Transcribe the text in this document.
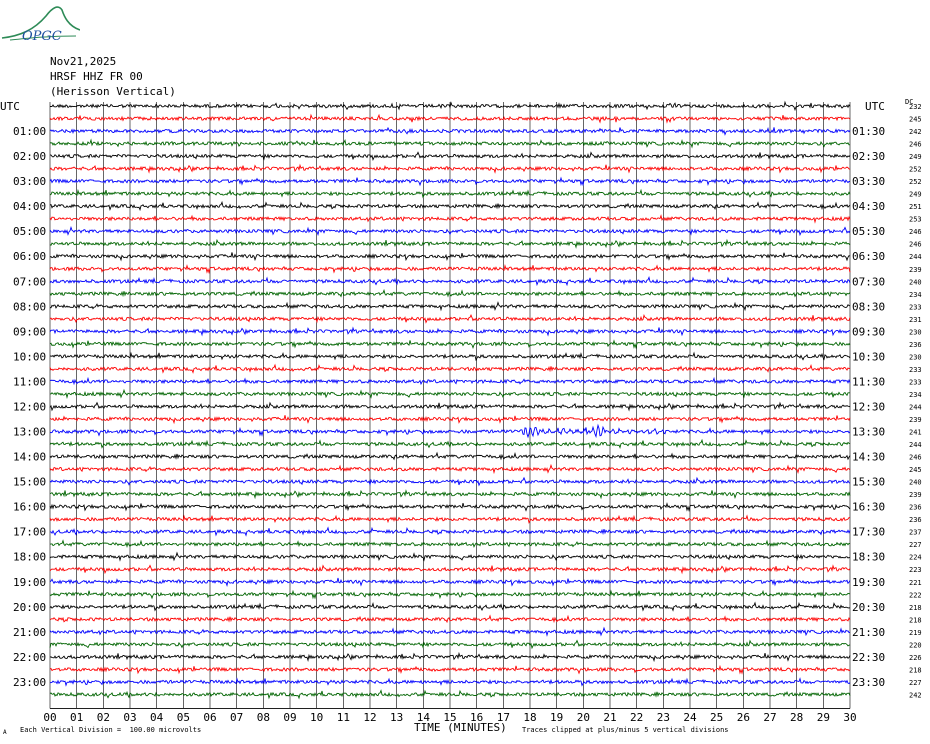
OPGC
Nov21,2025
HRSF HHZ FR 00
(Herisson Vertical)
UTC
01:00
02:00
03:00
04:00
05:00
06:00
07:00
08:00
09:00
10:00
11:00
12:00
13:00
14:00
15:00
16:00
17:00
18:00
19:00
20:00
21:00
22:00
23:00
UTC
01:30
02:30
03:30
04:30
05:30
06:30
07:30
08:30
09:30
10:30
11:30
12:30
13:30
14:30
15:30
16:30
17:30
18:30
19:30
20:30
21:30
22:30
23:30
232
245
242
246
249
252
252
249
251
253
246
246
244
239
240
234
233
231
230
236
230
233
233
234
244
239
241
244
246
245
240
239
236
236
237
227
224
223
221
222
218
218
219
220
226
218
227
242
00 01 02 03 04 05 06 07 08 09 10 11 12 13 14 15 16 17 18 19 20 21 22 23 24 25 26 27 28 29 30
DC
TIME (MINUTES)
A Each Vertical Division =  100.00 microvolts	Traces clipped at plus/minus 5 vertical divisions
